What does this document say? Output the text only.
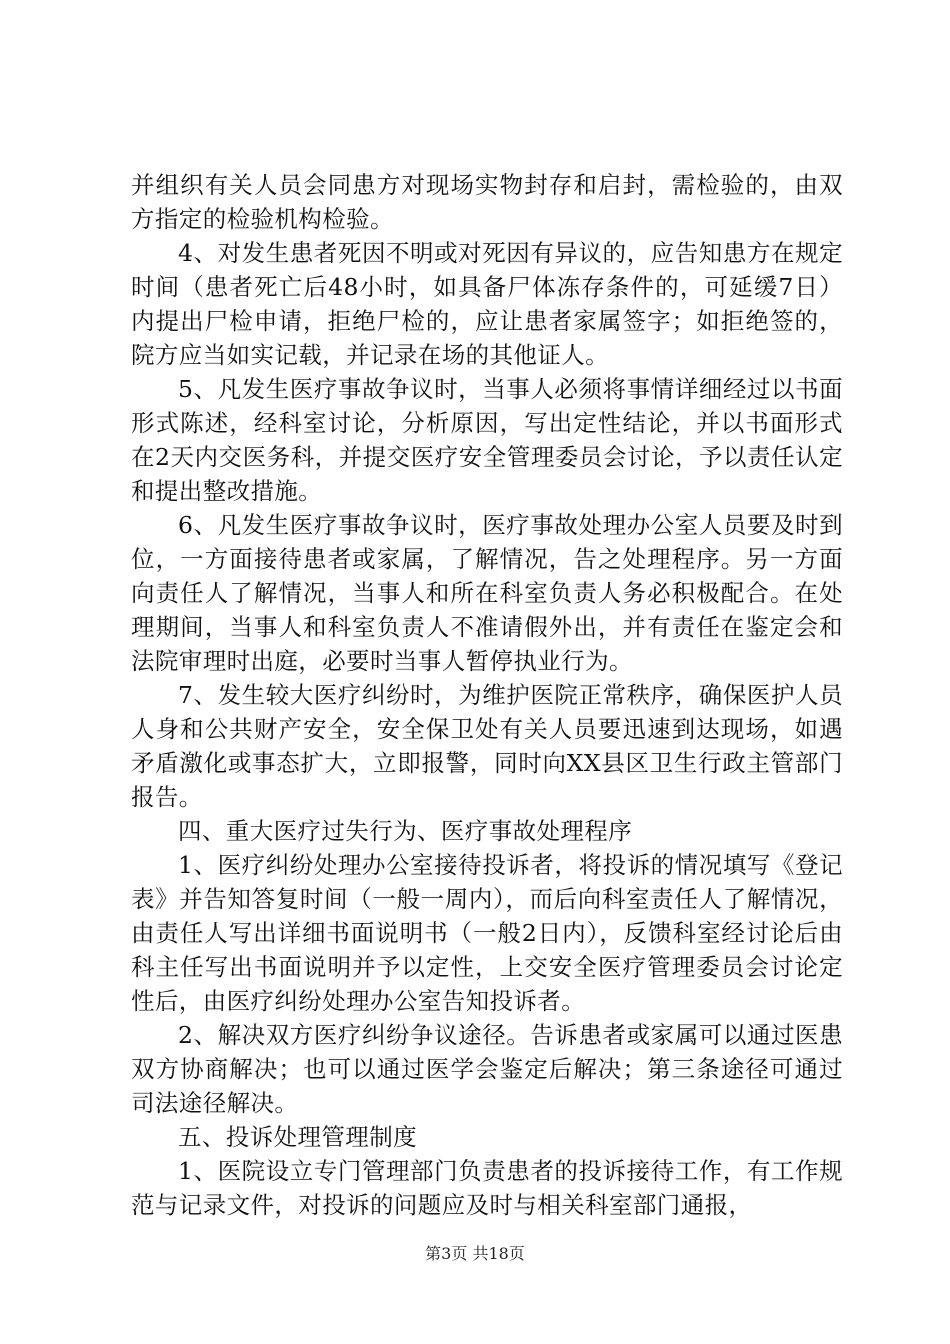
并组织有关人员会同患方对现场实物封存和启封，需检验的，由双方指定的检验机构检验。

4、对发生患者死因不明或对死因有异议的，应告知患方在规定时间（患者死亡后48小时，如具备尸体冻存条件的，可延缓7日）内提出尸检申请，拒绝尸检的，应让患者家属签字；如拒绝签的，院方应当如实记载，并记录在场的其他证人。

5、凡发生医疗事故争议时，当事人必须将事情详细经过以书面形式陈述，经科室讨论，分析原因，写出定性结论，并以书面形式在2天内交医务科，并提交医疗安全管理委员会讨论，予以责任认定和提出整改措施。

6、凡发生医疗事故争议时，医疗事故处理办公室人员要及时到位，一方面接待患者或家属，了解情况，告之处理程序。另一方面向责任人了解情况，当事人和所在科室负责人务必积极配合。在处理期间，当事人和科室负责人不准请假外出，并有责任在鉴定会和法院审理时出庭，必要时当事人暂停执业行为。

7、发生较大医疗纠纷时，为维护医院正常秩序，确保医护人员人身和公共财产安全，安全保卫处有关人员要迅速到达现场，如遇矛盾激化或事态扩大，立即报警，同时向XX县区卫生行政主管部门报告。

四、重大医疗过失行为、医疗事故处理程序

1、医疗纠纷处理办公室接待投诉者，将投诉的情况填写《登记表》并告知答复时间（一般一周内），而后向科室责任人了解情况，由责任人写出详细书面说明书（一般2日内），反馈科室经讨论后由科主任写出书面说明并予以定性，上交安全医疗管理委员会讨论定性后，由医疗纠纷处理办公室告知投诉者。

2、解决双方医疗纠纷争议途径。告诉患者或家属可以通过医患双方协商解决；也可以通过医学会鉴定后解决；第三条途径可通过司法途径解决。

五、投诉处理管理制度

1、医院设立专门管理部门负责患者的投诉接待工作，有工作规范与记录文件，对投诉的问题应及时与相关科室部门通报，

第3页 共18页
